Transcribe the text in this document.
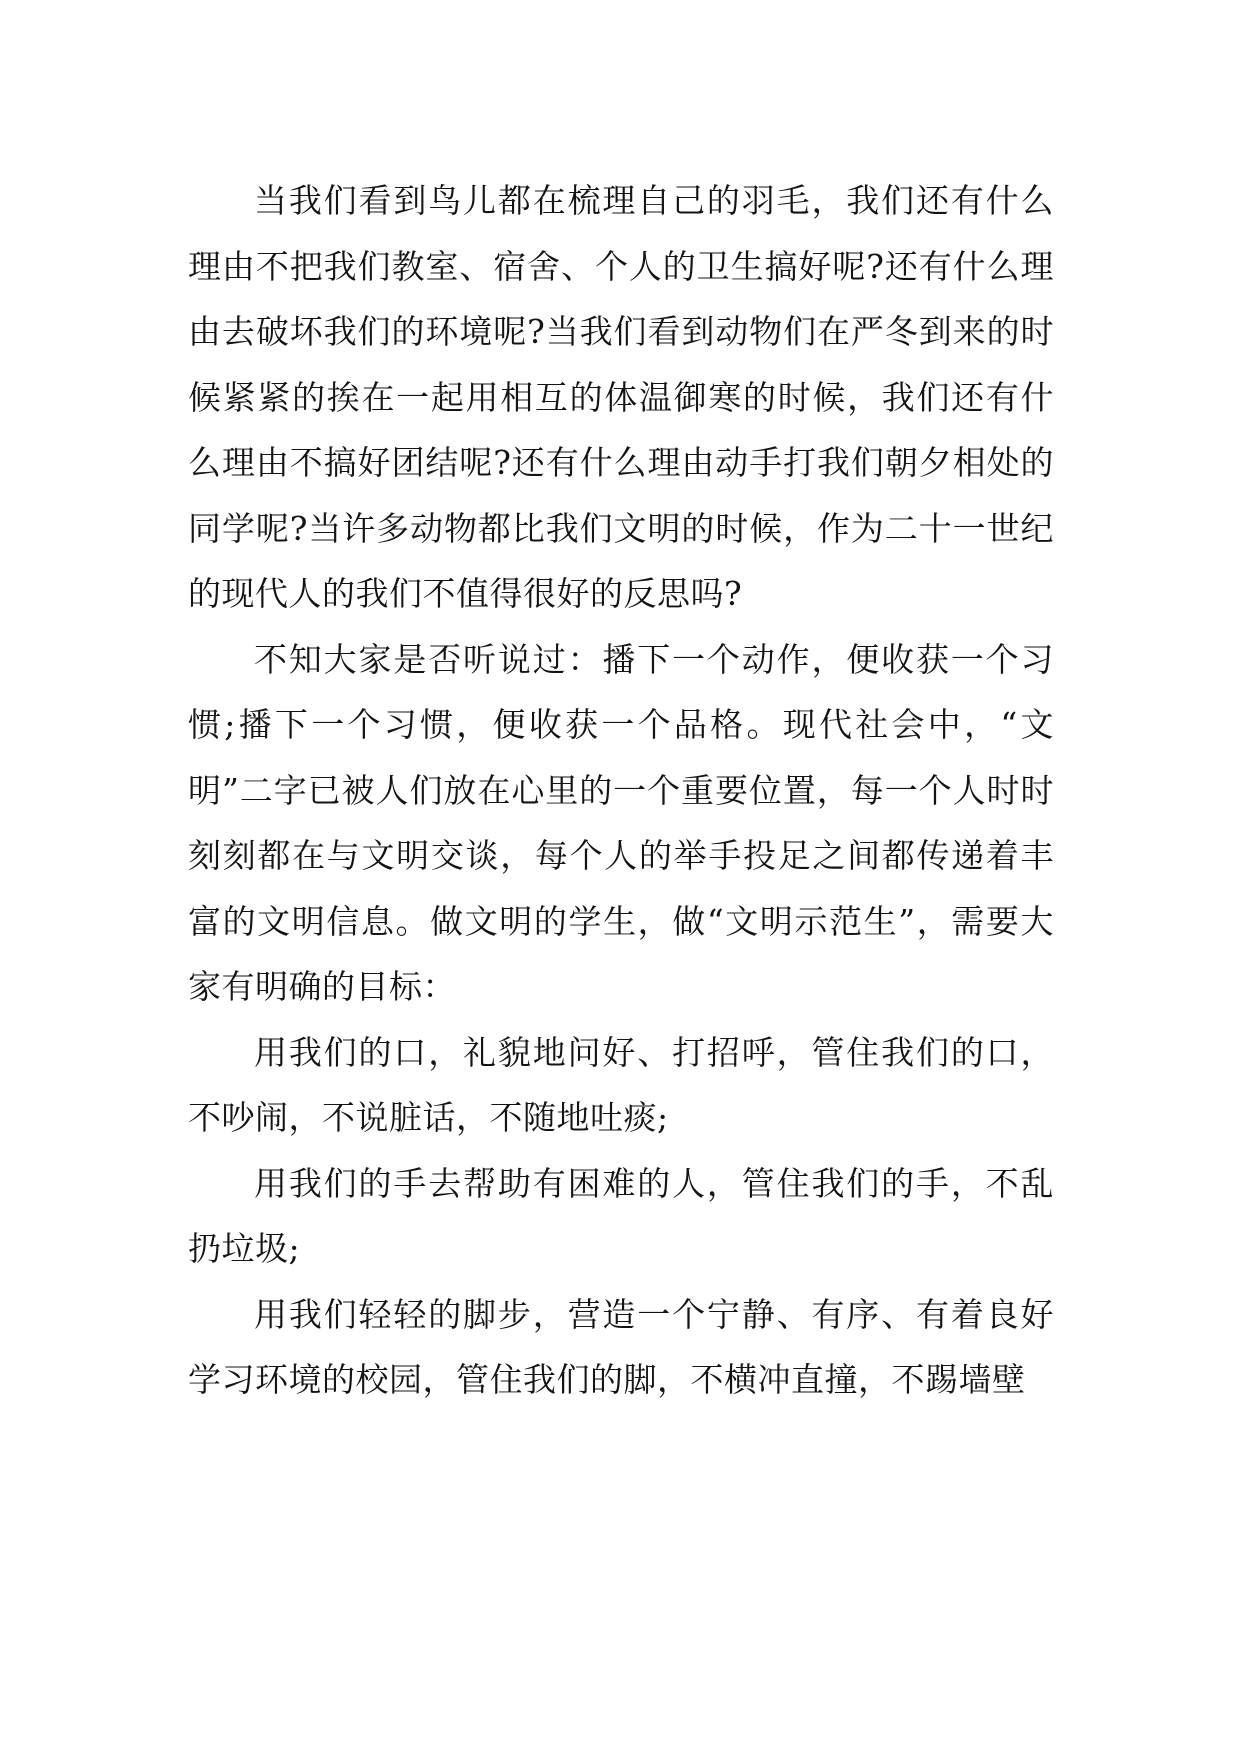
当我们看到鸟儿都在梳理自己的羽毛，我们还有什么理由不把我们教室、宿舍、个人的卫生搞好呢?还有什么理由去破坏我们的环境呢?当我们看到动物们在严冬到来的时候紧紧的挨在一起用相互的体温御寒的时候，我们还有什么理由不搞好团结呢?还有什么理由动手打我们朝夕相处的同学呢?当许多动物都比我们文明的时候，作为二十一世纪的现代人的我们不值得很好的反思吗?

不知大家是否听说过：播下一个动作，便收获一个习惯;播下一个习惯，便收获一个品格。现代社会中，“文明”二字已被人们放在心里的一个重要位置，每一个人时时刻刻都在与文明交谈，每个人的举手投足之间都传递着丰富的文明信息。做文明的学生，做“文明示范生”，需要大家有明确的目标：

用我们的口，礼貌地问好、打招呼，管住我们的口，不吵闹，不说脏话，不随地吐痰;

用我们的手去帮助有困难的人，管住我们的手，不乱扔垃圾;

用我们轻轻的脚步，营造一个宁静、有序、有着良好学习环境的校园，管住我们的脚，不横冲直撞，不踢墙壁
